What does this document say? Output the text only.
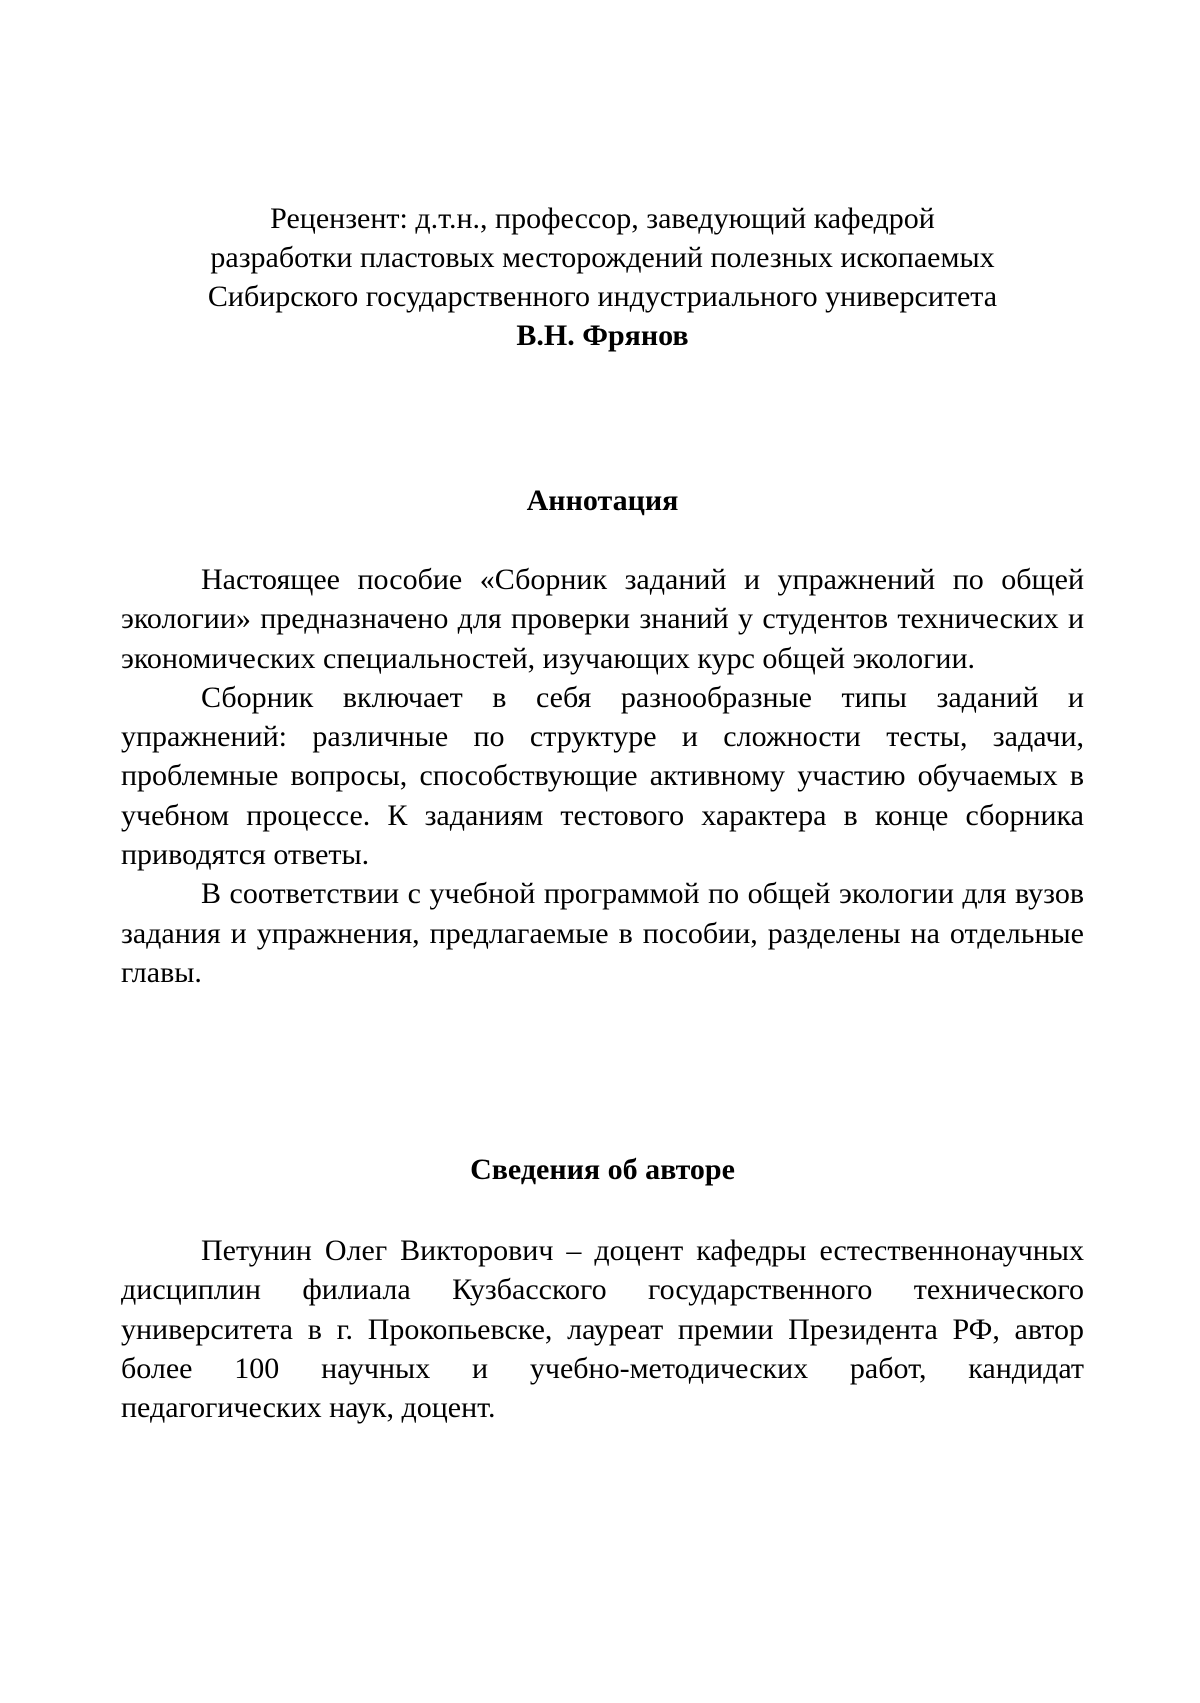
Рецензент: д.т.н., профессор, заведующий кафедрой

разработки пластовых месторождений полезных ископаемых

Сибирского государственного индустриального университета

В.Н. Фрянов

Аннотация

Настоящее пособие «Сборник заданий и упражнений по общей экологии» предназначено для проверки знаний у студентов технических и экономических специальностей, изучающих курс общей экологии.

Сборник включает в себя разнообразные типы заданий и упражнений: различные по структуре и сложности тесты, задачи, проблемные вопросы, способствующие активному участию обучаемых в учебном процессе. К заданиям тестового характера в конце сборника приводятся ответы.

В соответствии с учебной программой по общей экологии для вузов задания и упражнения, предлагаемые в пособии, разделены на отдельные главы.

Сведения об авторе

Петунин Олег Викторович – доцент кафедры естественнонаучных дисциплин филиала Кузбасского государственного технического университета в г. Прокопьевске, лауреат премии Президента РФ, автор более 100 научных и учебно-методических работ, кандидат педагогических наук, доцент.
